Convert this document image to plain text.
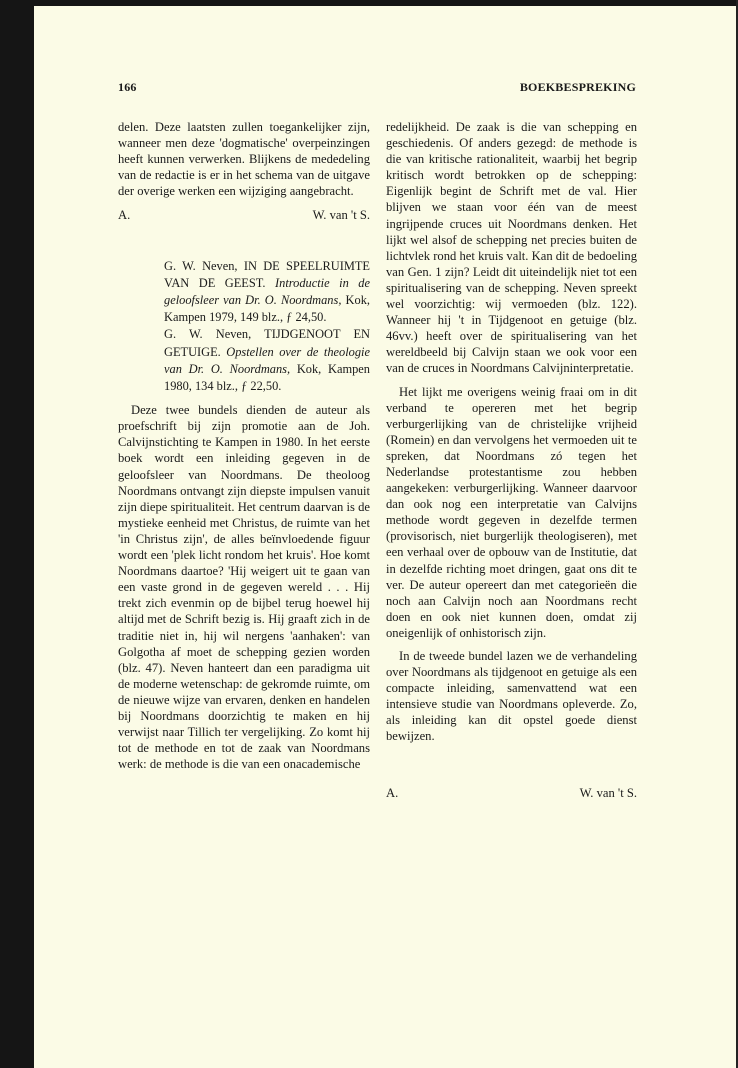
166	BOEKBESPREKING

delen. Deze laatsten zullen toegankelijker zijn, wanneer men deze 'dogmatische' overpeinzingen heeft kunnen verwerken. Blijkens de mededeling van de redactie is er in het schema van de uitgave der overige werken een wijziging aangebracht.

A.	W. van 't S.

G. W. Neven, IN DE SPEELRUIMTE VAN DE GEEST. Introductie in de geloofsleer van Dr. O. Noordmans, Kok, Kampen 1979, 149 blz., ƒ 24,50.

G. W. Neven, TIJDGENOOT EN GETUIGE. Opstellen over de theologie van Dr. O. Noordmans, Kok, Kampen 1980, 134 blz., ƒ 22,50.

Deze twee bundels dienden de auteur als proefschrift bij zijn promotie aan de Joh. Calvijnstichting te Kampen in 1980. In het eerste boek wordt een inleiding gegeven in de geloofsleer van Noordmans. De theoloog Noordmans ontvangt zijn diepste impulsen vanuit zijn diepe spiritualiteit. Het centrum daarvan is de mystieke eenheid met Christus, de ruimte van het 'in Christus zijn', de alles beïnvloedende figuur wordt een 'plek licht rondom het kruis'. Hoe komt Noordmans daartoe? 'Hij weigert uit te gaan van een vaste grond in de gegeven wereld . . . Hij trekt zich evenmin op de bijbel terug hoewel hij altijd met de Schrift bezig is. Hij graaft zich in de traditie niet in, hij wil nergens 'aanhaken': van Golgotha af moet de schepping gezien worden (blz. 47). Neven hanteert dan een paradigma uit de moderne wetenschap: de gekromde ruimte, om de nieuwe wijze van ervaren, denken en handelen bij Noordmans doorzichtig te maken en hij verwijst naar Tillich ter vergelijking. Zo komt hij tot de methode en tot de zaak van Noordmans werk: de methode is die van een onacademische

redelijkheid. De zaak is die van schepping en geschiedenis. Of anders gezegd: de methode is die van kritische rationaliteit, waarbij het begrip kritisch wordt betrokken op de schepping: Eigenlijk begint de Schrift met de val. Hier blijven we staan voor één van de meest ingrijpende cruces uit Noordmans denken. Het lijkt wel alsof de schepping net precies buiten de lichtvlek rond het kruis valt. Kan dit de bedoeling van Gen. 1 zijn? Leidt dit uiteindelijk niet tot een spiritualisering van de schepping. Neven spreekt wel voorzichtig: wij vermoeden (blz. 122). Wanneer hij 't in Tijdgenoot en getuige (blz. 46vv.) heeft over de spiritualisering van het wereldbeeld bij Calvijn staan we ook voor een van de cruces in Noordmans Calvijninterpretatie.

Het lijkt me overigens weinig fraai om in dit verband te opereren met het begrip verburgerlijking van de christelijke vrijheid (Romein) en dan vervolgens het vermoeden uit te spreken, dat Noordmans zó tegen het Nederlandse protestantisme zou hebben aangekeken: verburgerlijking. Wanneer daarvoor dan ook nog een interpretatie van Calvijns methode wordt gegeven in dezelfde termen (provisorisch, niet burgerlijk theologiseren), met een verhaal over de opbouw van de Institutie, dat in dezelfde richting moet dringen, gaat ons dit te ver. De auteur opereert dan met categorieën die noch aan Calvijn noch aan Noordmans recht doen en ook niet kunnen doen, omdat zij oneigenlijk of onhistorisch zijn.

In de tweede bundel lazen we de verhandeling over Noordmans als tijdgenoot en getuige als een compacte inleiding, samenvattend wat een intensieve studie van Noordmans opleverde. Zo, als inleiding kan dit opstel goede dienst bewijzen.

A.	W. van 't S.
